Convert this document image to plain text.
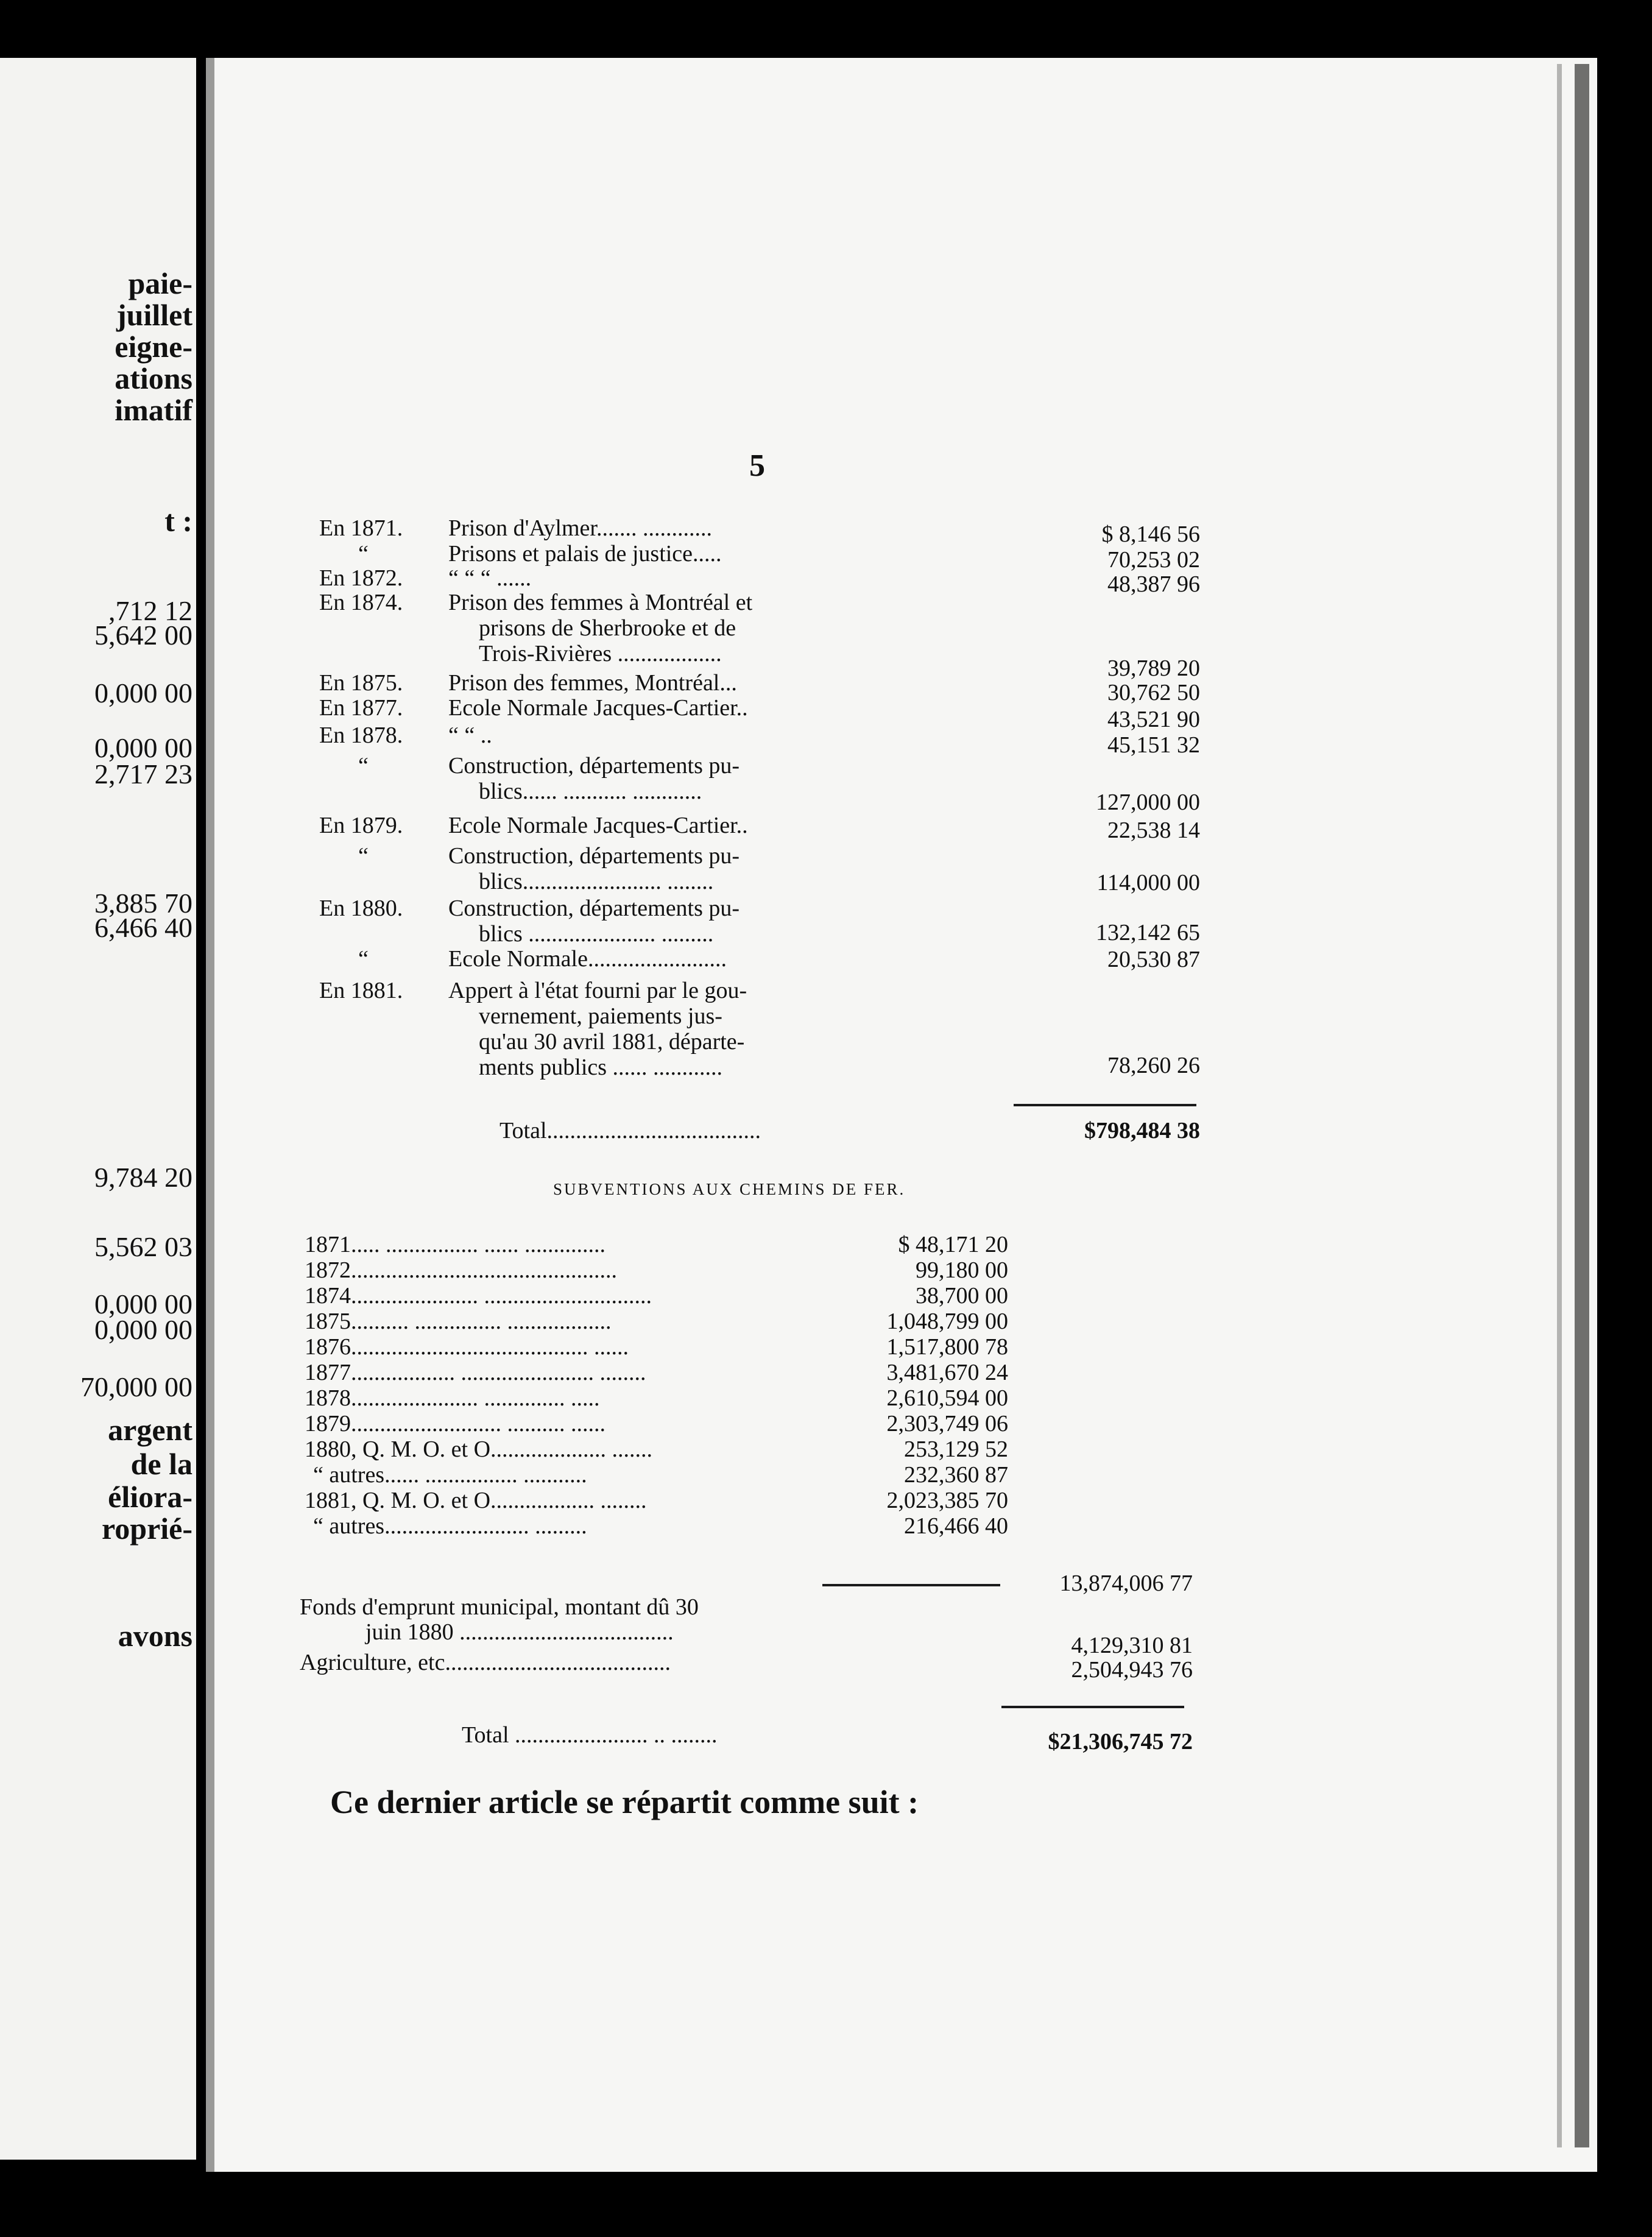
paie-
juillet
eigne-
ations
imatif
t :
,712 12
5,642 00
0,000 00
0,000 00
2,717 23
3,885 70
6,466 40
9,784 20
5,562 03
0,000 00
0,000 00
70,000 00
argent
de la
éliora-
roprié-
avons
5
En 1871. Prison d'Aylmer....... ............	$ 8,146 56
“	Prisons et palais de justice.....	70,253 02
En 1872. “ “ “ ......	48,387 96
En 1874. Prison des femmes à Montréal et
prisons de Sherbrooke et de
Trois-Rivières ..................
39,789 20
En 1875. Prison des femmes, Montréal...	30,762 50
En 1877. Ecole Normale Jacques-Cartier..	43,521 90
En 1878. “ “ ..	45,151 32
“	Construction, départements pu-
blics...... ........... ............	127,000 00
En 1879. Ecole Normale Jacques-Cartier..	22,538 14
“	Construction, départements pu-
blics........................ ........	114,000 00
En 1880. Construction, départements pu-
blics ...................... .........	132,142 65
“	Ecole Normale........................	20,530 87
En 1881. Appert à l'état fourni par le gou-
vernement, paiements jus-
qu'au 30 avril 1881, départe-
ments publics ...... ............	78,260 26
Total.....................................	$798,484 38
SUBVENTIONS AUX CHEMINS DE FER.
1871..... ................ ...... ..............	$ 48,171 20
1872..............................................	99,180 00
1874...................... .............................	38,700 00
1875.......... ............... ..................	1,048,799 00
1876......................................... ......	1,517,800 78
1877.................. ....................... ........	3,481,670 24
1878...................... .............. .....	2,610,594 00
1879.......................... .......... ......	2,303,749 06
1880, Q. M. O. et O.................... .......	253,129 52
“ autres...... ................ ...........	232,360 87
1881, Q. M. O. et O.................. ........	2,023,385 70
“ autres......................... .........	216,466 40
13,874,006 77
Fonds d'emprunt municipal, montant dû 30
juin 1880 .....................................
4,129,310 81
Agriculture, etc.......................................	2,504,943 76
Total ....................... .. ........	$21,306,745 72
Ce dernier article se répartit comme suit :
